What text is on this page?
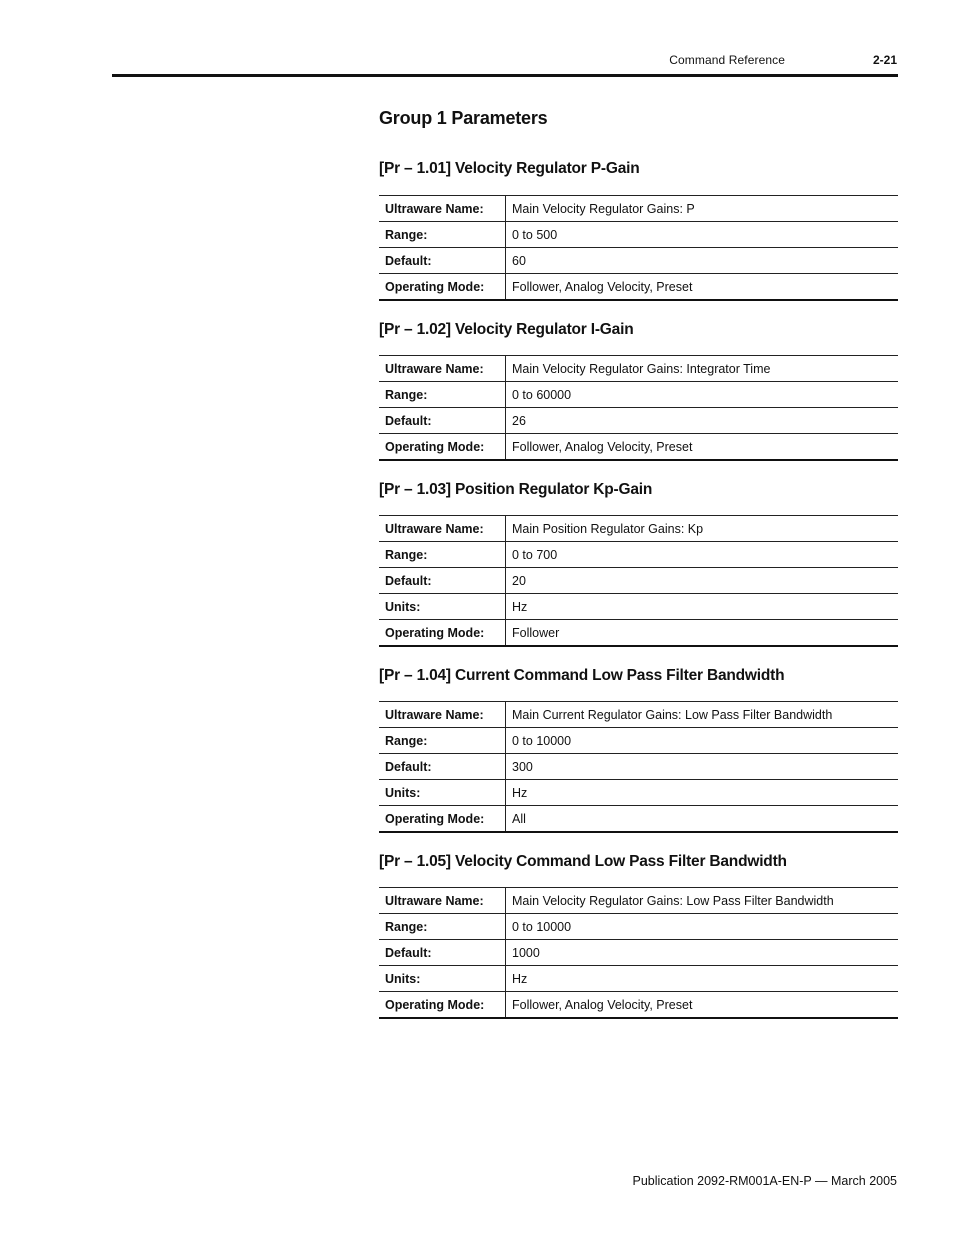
Command Reference	2-21
Group 1 Parameters
[Pr – 1.01] Velocity Regulator P-Gain
Ultraware Name:	Main Velocity Regulator Gains: P
Range:	0 to 500
Default:	60
Operating Mode:	Follower, Analog Velocity, Preset
[Pr – 1.02] Velocity Regulator I-Gain
Ultraware Name:	Main Velocity Regulator Gains: Integrator Time
Range:	0 to 60000
Default:	26
Operating Mode:	Follower, Analog Velocity, Preset
[Pr – 1.03] Position Regulator Kp-Gain
Ultraware Name:	Main Position Regulator Gains: Kp
Range:	0 to 700
Default:	20
Units:	Hz
Operating Mode:	Follower
[Pr – 1.04] Current Command Low Pass Filter Bandwidth
Ultraware Name:	Main Current Regulator Gains: Low Pass Filter Bandwidth
Range:	0 to 10000
Default:	300
Units:	Hz
Operating Mode:	All
[Pr – 1.05] Velocity Command Low Pass Filter Bandwidth
Ultraware Name:	Main Velocity Regulator Gains: Low Pass Filter Bandwidth
Range:	0 to 10000
Default:	1000
Units:	Hz
Operating Mode:	Follower, Analog Velocity, Preset
Publication 2092-RM001A-EN-P — March 2005
